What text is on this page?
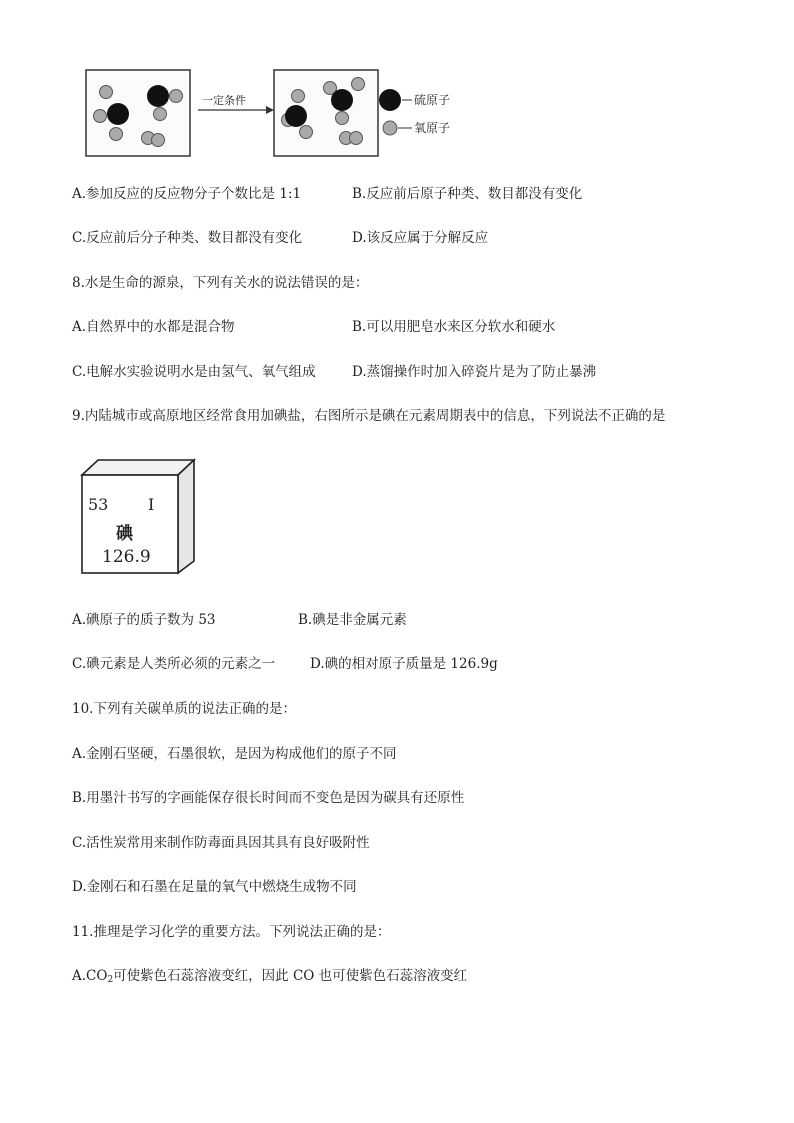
一定条件	硫原子
氧原子
A.参加反应的反应物分子个数比是 1:1	B.反应前后原子种类、数目都没有变化
C.反应前后分子种类、数目都没有变化	D.该反应属于分解反应
8.水是生命的源泉，下列有关水的说法错误的是：
A.自然界中的水都是混合物	B.可以用肥皂水来区分软水和硬水
C.电解水实验说明水是由氢气、氧气组成	D.蒸馏操作时加入碎瓷片是为了防止暴沸
9.内陆城市或高原地区经常食用加碘盐，右图所示是碘在元素周期表中的信息，下列说法不正确的是
53 I
碘
126.9
A.碘原子的质子数为 53	B.碘是非金属元素
C.碘元素是人类所必须的元素之一	D.碘的相对原子质量是 126.9g
10.下列有关碳单质的说法正确的是：
A.金刚石坚硬，石墨很软，是因为构成他们的原子不同
B.用墨汁书写的字画能保存很长时间而不变色是因为碳具有还原性
C.活性炭常用来制作防毒面具因其具有良好吸附性
D.金刚石和石墨在足量的氧气中燃烧生成物不同
11.推理是学习化学的重要方法。下列说法正确的是：
$A.CO_2$可使紫色石蕊溶液变红，因此 CO 也可使紫色石蕊溶液变红
